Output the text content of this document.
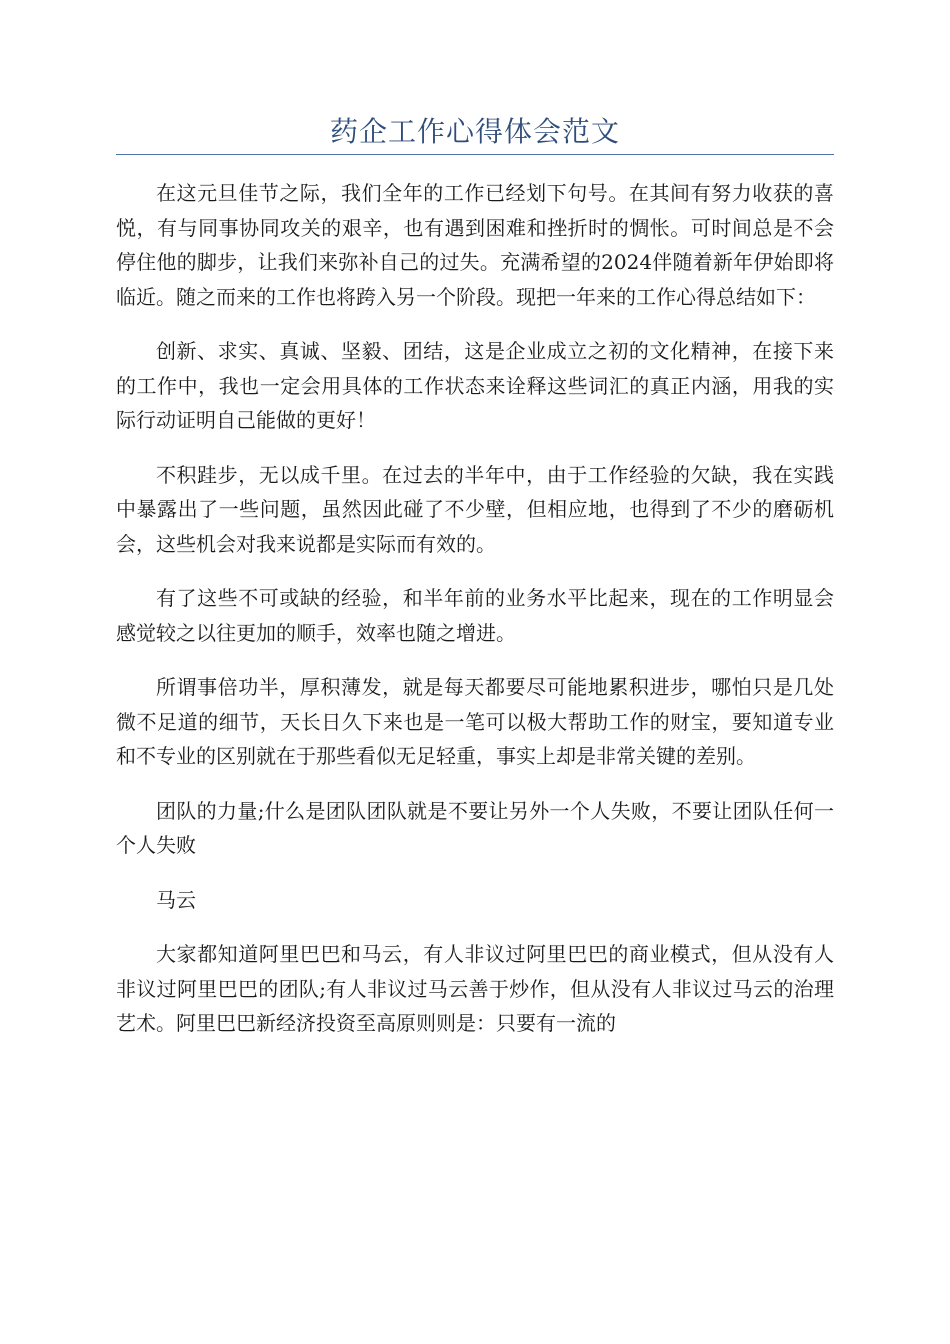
药企工作心得体会范文

在这元旦佳节之际，我们全年的工作已经划下句号。在其间有努力收获的喜悦，有与同事协同攻关的艰辛，也有遇到困难和挫折时的惆怅。可时间总是不会停住他的脚步，让我们来弥补自己的过失。充满希望的2024伴随着新年伊始即将临近。随之而来的工作也将跨入另一个阶段。现把一年来的工作心得总结如下：

创新、求实、真诚、坚毅、团结，这是企业成立之初的文化精神，在接下来的工作中，我也一定会用具体的工作状态来诠释这些词汇的真正内涵，用我的实际行动证明自己能做的更好！

不积跬步，无以成千里。在过去的半年中，由于工作经验的欠缺，我在实践中暴露出了一些问题，虽然因此碰了不少壁，但相应地，也得到了不少的磨砺机会，这些机会对我来说都是实际而有效的。

有了这些不可或缺的经验，和半年前的业务水平比起来，现在的工作明显会感觉较之以往更加的顺手，效率也随之增进。

所谓事倍功半，厚积薄发，就是每天都要尽可能地累积进步，哪怕只是几处微不足道的细节，天长日久下来也是一笔可以极大帮助工作的财宝，要知道专业和不专业的区别就在于那些看似无足轻重，事实上却是非常关键的差别。

团队的力量;什么是团队团队就是不要让另外一个人失败，不要让团队任何一个人失败

马云

大家都知道阿里巴巴和马云，有人非议过阿里巴巴的商业模式，但从没有人非议过阿里巴巴的团队;有人非议过马云善于炒作，但从没有人非议过马云的治理艺术。阿里巴巴新经济投资至高原则则是：只要有一流的
